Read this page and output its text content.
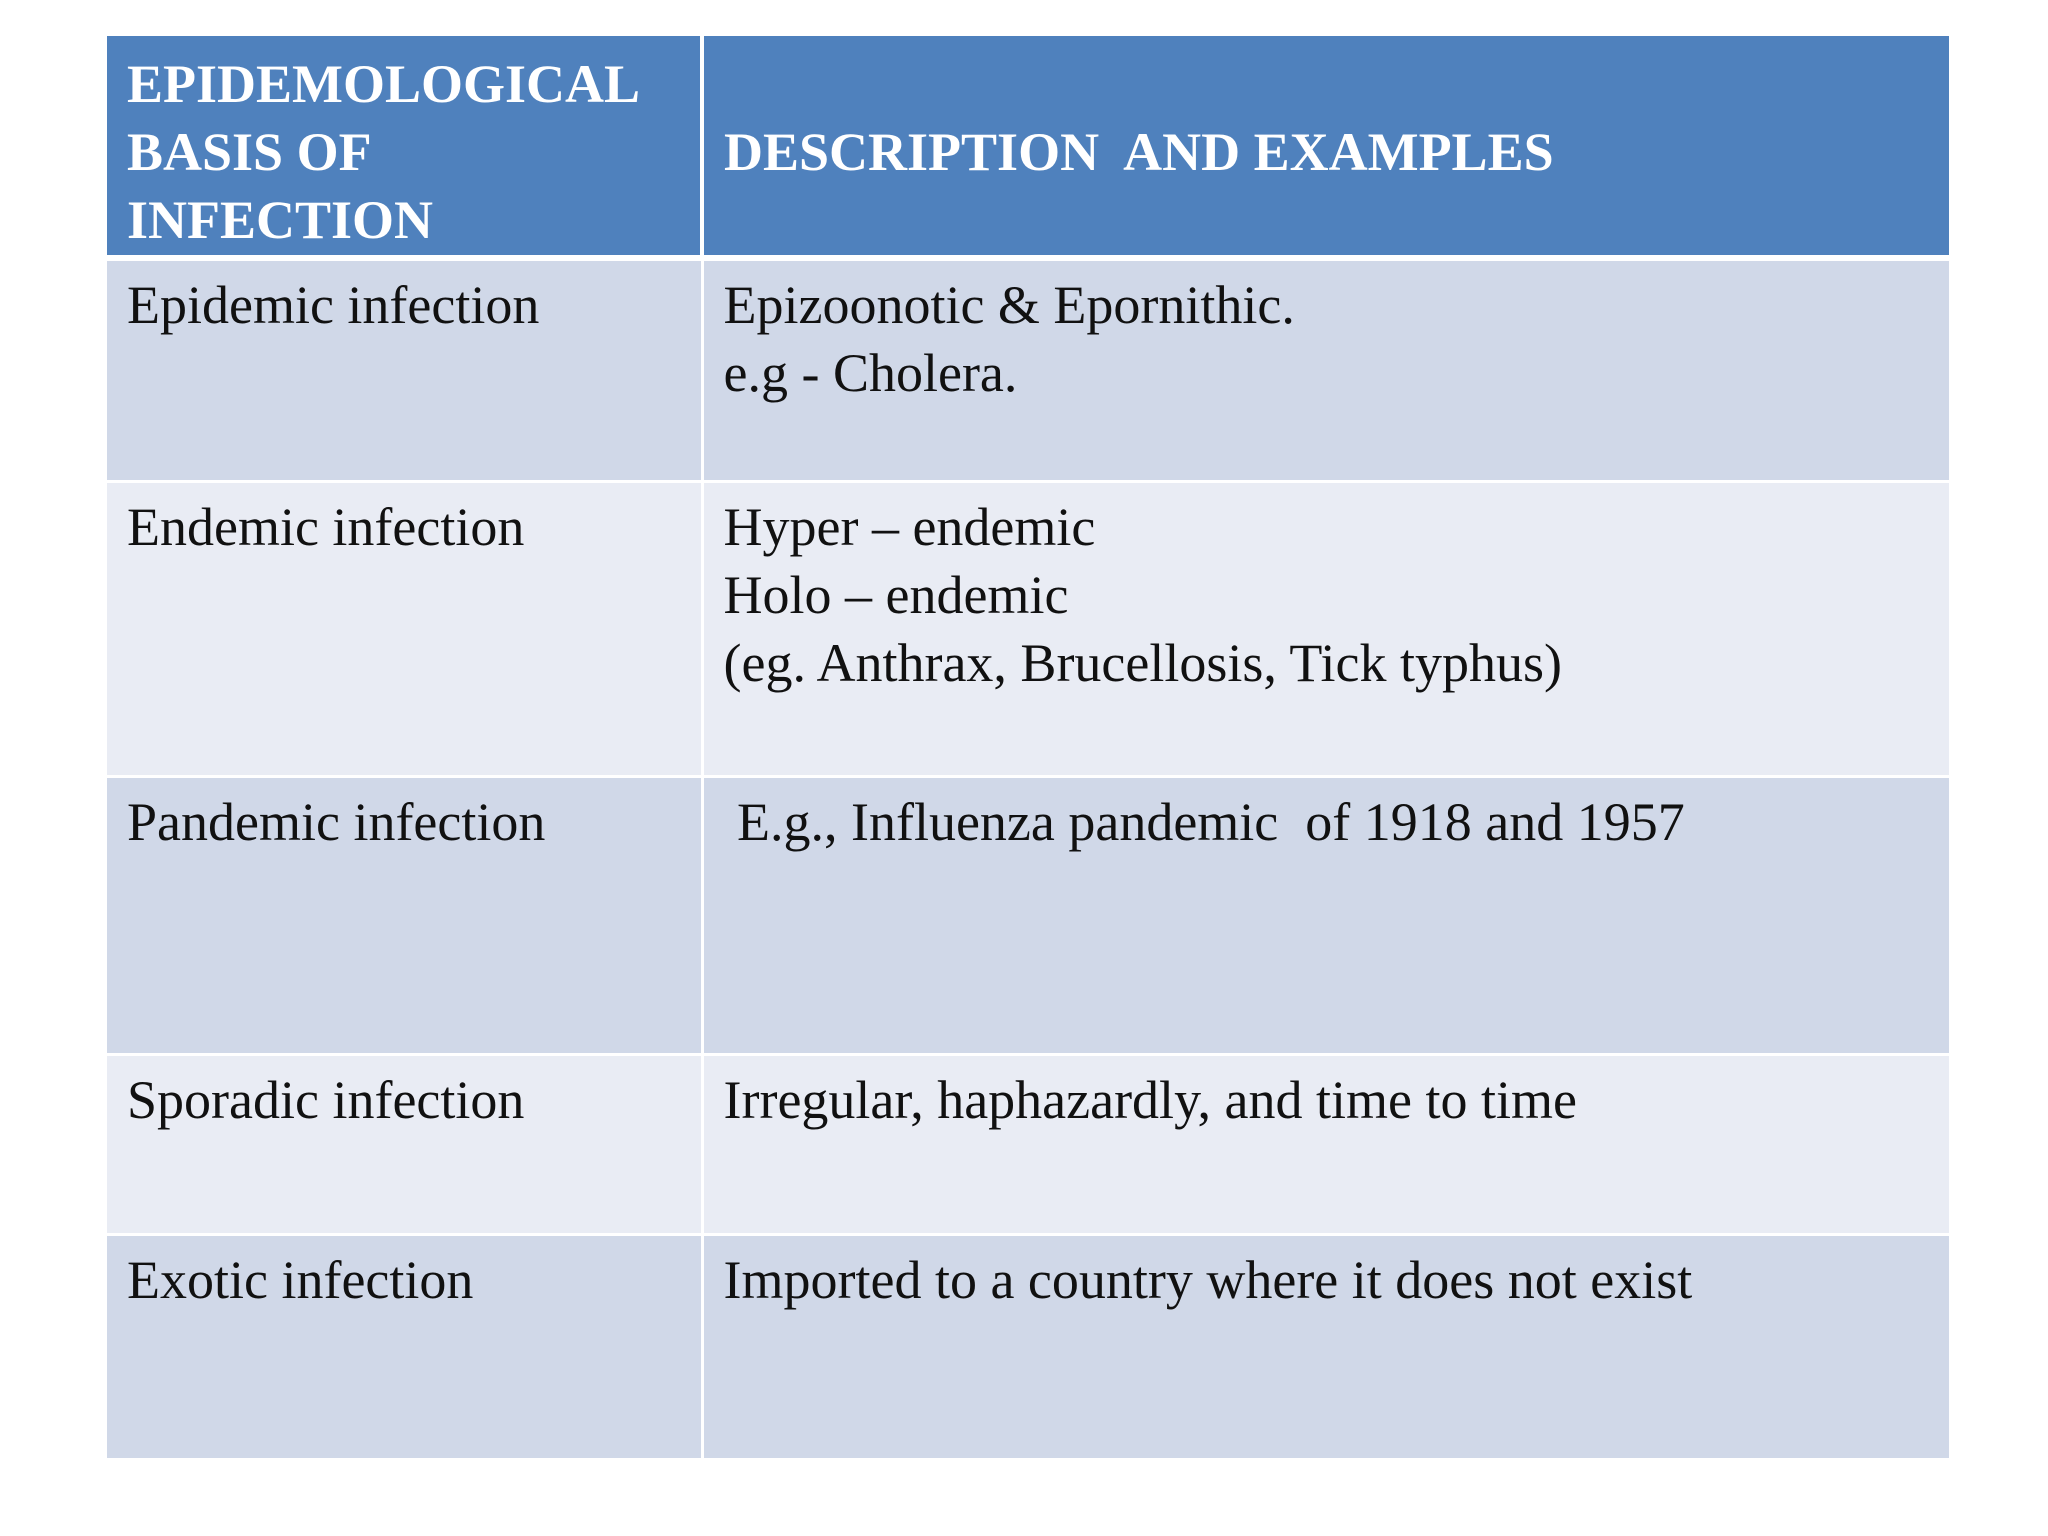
EPIDEMOLOGICAL
BASIS OF
INFECTION	DESCRIPTION  AND EXAMPLES

Epidemic infection	Epizoonotic & Epornithic.
e.g - Cholera.

Endemic infection	Hyper – endemic
Holo – endemic
(eg. Anthrax, Brucellosis, Tick typhus)

Pandemic infection	E.g., Influenza pandemic  of 1918 and 1957

Sporadic infection	Irregular, haphazardly, and time to time

Exotic infection	Imported to a country where it does not exist
